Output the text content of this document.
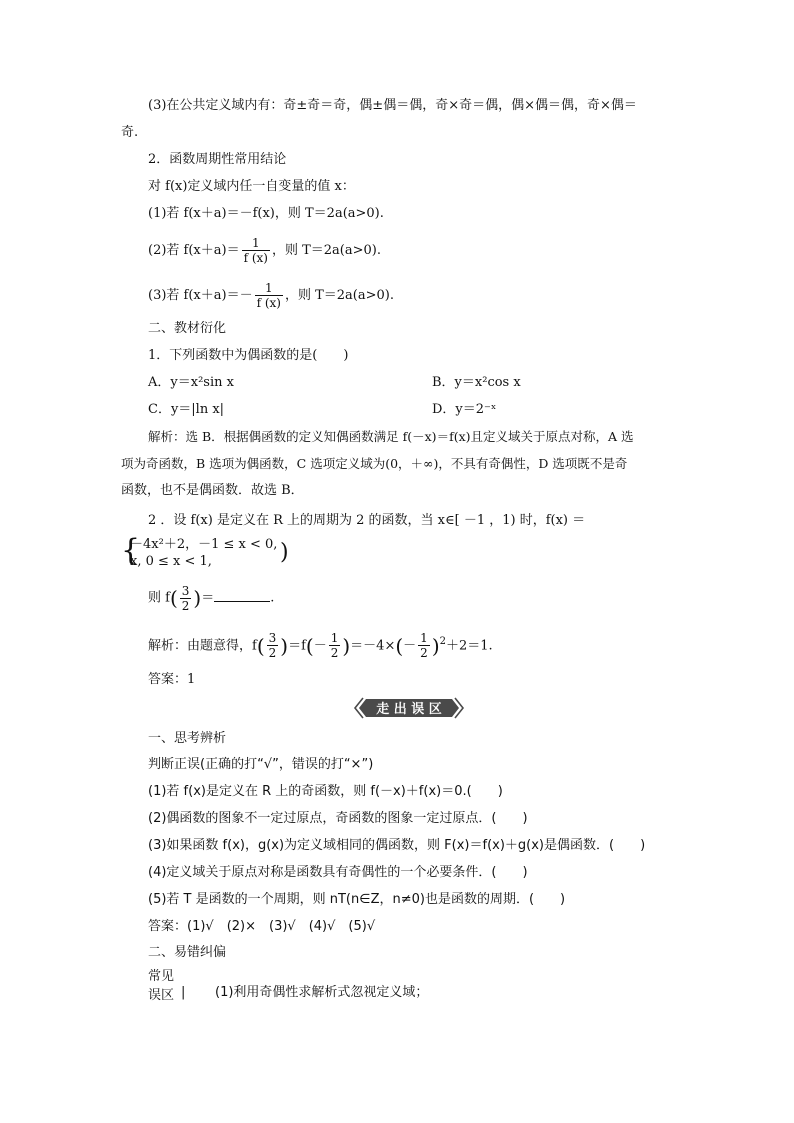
(3)在公共定义域内有：奇±奇＝奇，偶±偶＝偶，奇×奇＝偶，偶×偶＝偶，奇×偶＝
奇.
2．函数周期性常用结论
对 f(x)定义域内任一自变量的值 x：
(1)若 f(x＋a)＝－f(x)，则 T＝2a(a>0).
(2)若 $f(x+a)= \frac{1}{f (x)}$ ，则 T＝2a(a>0).
(3)若 $f(x+a)=- \frac{1}{f (x)}$ ，则 T＝2a(a>0).
二、教材衍化
1．下列函数中为偶函数的是(　　)
A．y＝x²sin x	B．y＝x²cos x
C．y＝|ln x|	D．y＝2⁻ˣ
解析：选 B．根据偶函数的定义知偶函数满足 f(－x)＝f(x)且定义域关于原点对称，A 选
项为奇函数，B 选项为偶函数，C 选项定义域为(0，＋∞)，不具有奇偶性，D 选项既不是奇
函数，也不是偶函数．故选 B．
2 ．设 f(x) 是定义在 R 上的周期为 2 的函数，当 x∈[ －1 ，1) 时，f(x) ＝
{
－4x²＋2，－1 ≤ x < 0,
x, 0 ≤ x < 1,	)
则 $f( \frac{3}{2}$ )＝	.
解析：由题意得，$f( \frac{3}{2} )=f(- \frac{1}{2} )=-4\times(- \frac{1}{2} )^2+2=1$.
答案：1
走 出 误 区
一、思考辨析
判断正误(正确的打“√”，错误的打“×”)
(1)若 f(x)是定义在 R 上的奇函数，则 f(－x)＋f(x)＝0.(　　)
(2)偶函数的图象不一定过原点，奇函数的图象一定过原点．(　　)
(3)如果函数 f(x)，g(x)为定义域相同的偶函数，则 F(x)＝f(x)＋g(x)是偶函数．(　　)
(4)定义域关于原点对称是函数具有奇偶性的一个必要条件．(　　)
(5)若 T 是函数的一个周期，则 nT(n∈Z，n≠0)也是函数的周期．(　　)
答案：(1)√　(2)×　(3)√　(4)√　(5)√
二、易错纠偏
常见
误区 | (1)利用奇偶性求解析式忽视定义域；
